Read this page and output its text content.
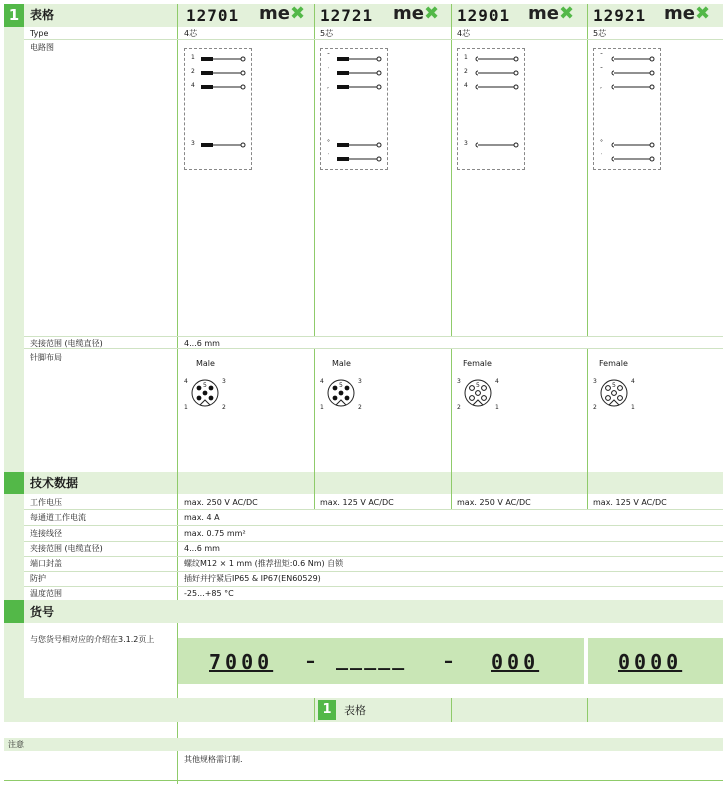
1 表格	12701 me✖ 12721 me✖ 12901 me✖ 12921 me✖
Type	4芯	5芯	4芯	5芯
电路图
1
2
4
3
˘
˙
‚
°
˙
1
2
4
3
˘
˘
‚
°
˙
夹接范围 (电缆直径)	4...6 mm
针脚布局
Male
4	3
1	2
5
Male
4	3
1	2
5
Female
3	4
2	1
5
Female
3	4
2	1
5
技术数据
工作电压	max. 250 V AC/DC	max. 125 V AC/DC	max. 250 V AC/DC	max. 125 V AC/DC
每通道工作电流	max. 4 A
连接线径	max. 0.75 mm²
夹接范围 (电缆直径)	4...6 mm
端口封盖	螺纹M12 × 1 mm (推荐扭矩:0.6 Nm) 自锁
防护	插好并拧紧后IP65 & IP67(EN60529)
温度范围	-25...+85 °C
货号
与您货号相对应的介绍在3.1.2页上
7000 – _____ – 000	0000
1	表格
注意
其他规格需订制.
